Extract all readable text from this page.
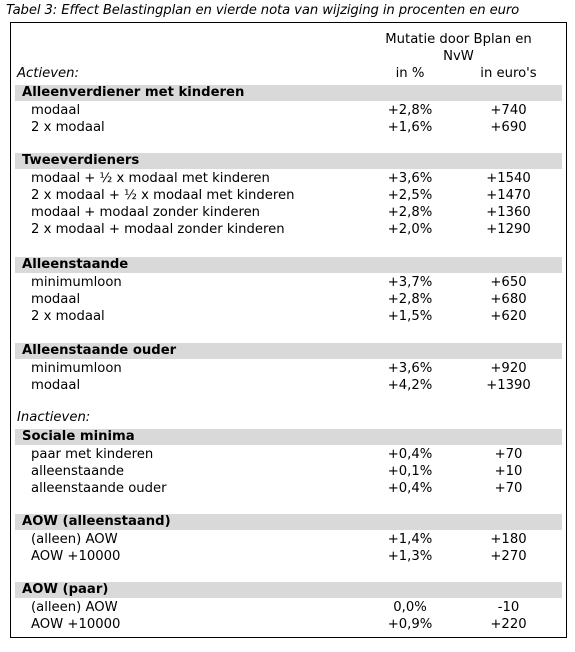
Tabel 3: Effect Belastingplan en vierde nota van wijziging in procenten en euro
Mutatie door Bplan en
NvW
Actieven:	in %	in euro's
Alleenverdiener met kinderen
modaal	+2,8%	+740
2 x modaal	+1,6%	+690
Tweeverdieners
modaal + ½ x modaal met kinderen	+3,6%	+1540
2 x modaal + ½ x modaal met kinderen	+2,5%	+1470
modaal + modaal zonder kinderen	+2,8%	+1360
2 x modaal + modaal zonder kinderen	+2,0%	+1290
Alleenstaande
minimumloon	+3,7%	+650
modaal	+2,8%	+680
2 x modaal	+1,5%	+620
Alleenstaande ouder
minimumloon	+3,6%	+920
modaal	+4,2%	+1390
Sociale minima
paar met kinderen	+0,4%	+70
alleenstaande	+0,1%	+10
alleenstaande ouder	+0,4%	+70
AOW (alleenstaand)
(alleen) AOW	+1,4%	+180
AOW +10000	+1,3%	+270
AOW (paar)
(alleen) AOW	0,0%	-10
AOW +10000	+0,9%	+220
Inactieven:
